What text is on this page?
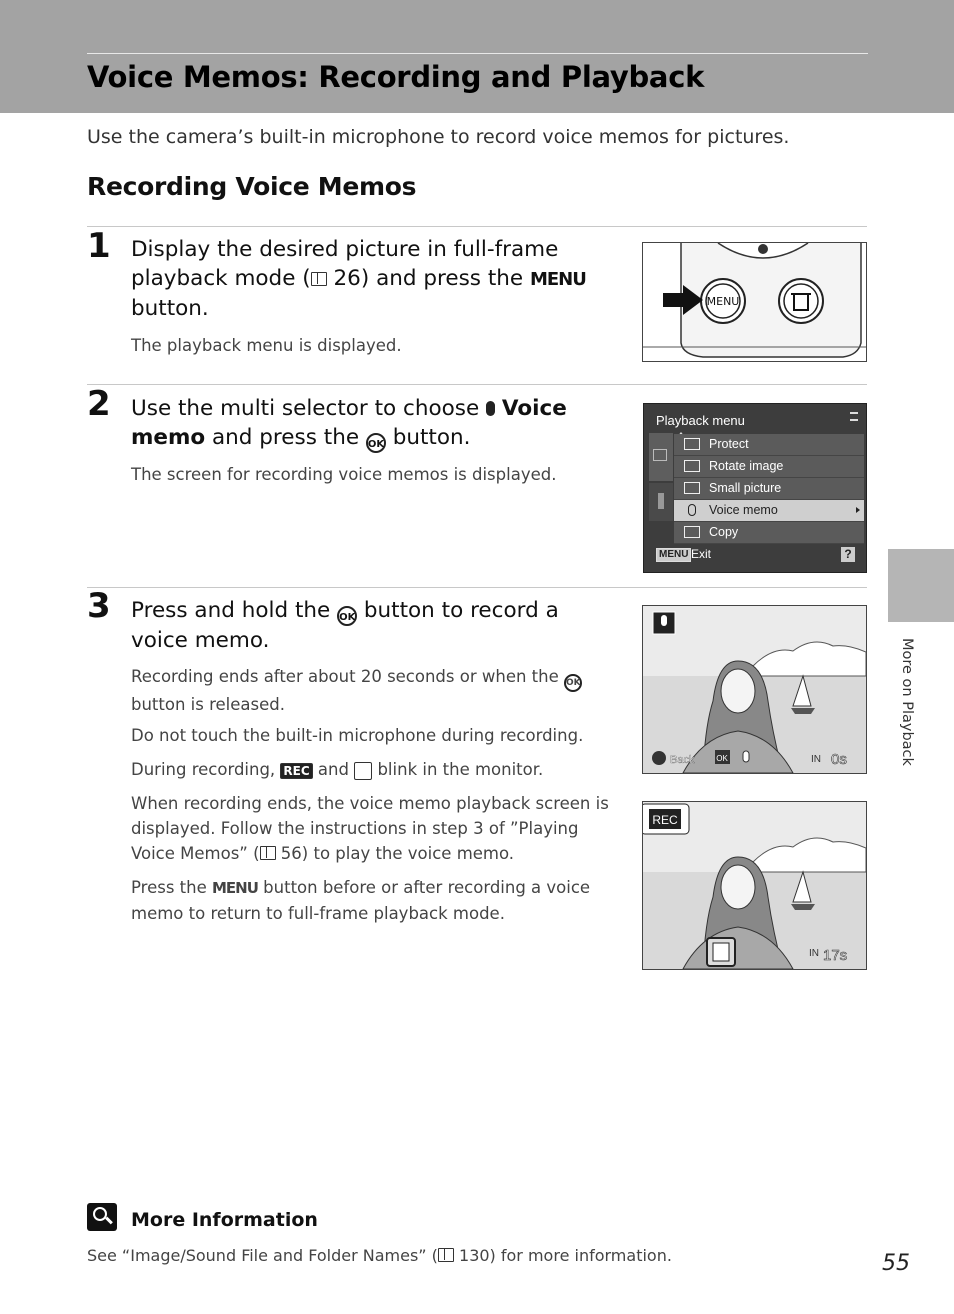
Voice Memos: Recording and Playback
Use the camera’s built-in microphone to record voice memos for pictures.
Recording Voice Memos
1 Display the desired picture in full-frame playback mode ( 26) and press the MENU button.
The playback menu is displayed.
MENU
2 Use the multi selector to choose  Voice memo and press the OK button.
The screen for recording voice memos is displayed.
Playback menu
Protect
Rotate image
Small picture
Voice memo
Copy
MENU Exit	?
3 Press and hold the OK button to record a voice memo.
Recording ends after about 20 seconds or when the OK button is released.
Do not touch the built-in microphone during recording.
During recording, REC and  blink in the monitor.
When recording ends, the voice memo playback screen is displayed. Follow the instructions in step 3 of ”Playing Voice Memos” ( 56) to play the voice memo.
Press the MENU button before or after recording a voice memo to return to full-frame playback mode.
Back	OK	IN 0s
REC
IN 17s
More on Playback
More Information
See “Image/Sound File and Folder Names” ( 130) for more information.	55
